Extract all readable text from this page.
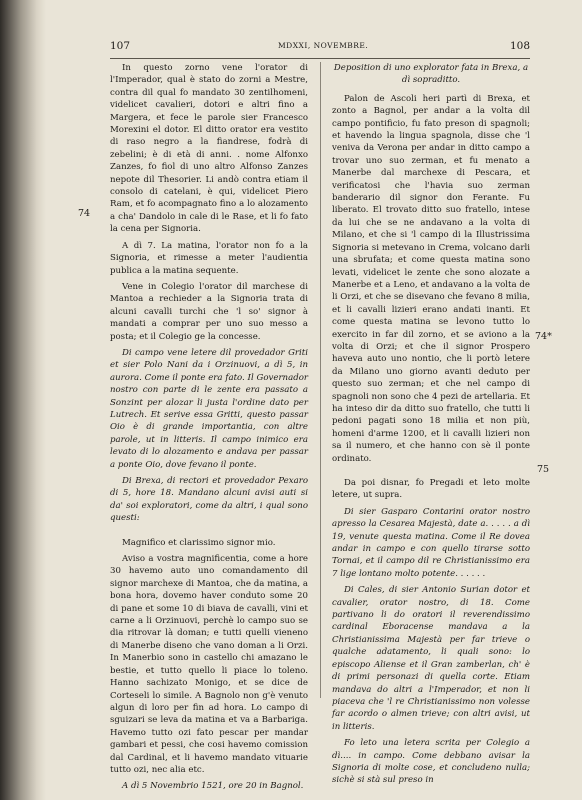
107	MDXXI, NOVEMBRE.	108
74
74*
75

In questo zorno vene l'orator di l'Imperador, qual è stato do zorni a Mestre, contra dil qual fo mandato 30 zentilhomeni, videlicet cavalieri, dotori e altri fino a Margera, et fece le parole sier Francesco Morexini el dotor. El ditto orator era vestito di raso negro a la fiandrese, fodrà di zebelini; è di età di anni. . nome Alfonxo Zanzes, fo fiol di uno altro Alfonso Zanzes nepote dil Thesorier. Li andò contra etiam il consolo di catelani, è qui, videlicet Piero Ram, et fo acompagnato fino a lo alozamento a cha' Dandolo in cale di le Rase, et li fo fato la cena per Signoria.

A dì 7. La matina, l'orator non fo a la Signoria, et rimesse a meter l'audientia publica a la matina sequente.

Vene in Colegio l'orator dil marchese di Mantoa a rechieder a la Signoria trata di alcuni cavalli turchi che 'l so' signor à mandati a comprar per uno suo messo a posta; et il Colegio ge la concesse.

Di campo vene letere dil provedador Griti et sier Polo Nani da i Orzinuovi, a dì 5, in aurora. Come il ponte era fato. Il Governador nostro con parte di le zente era passato a Sonzint per alozar li justa l'ordine dato per Lutrech. Et serive essa Gritti, questo passar Oio è di grande importantia, con altre parole, ut in litteris. Il campo inimico era levato di lo alozamento e andava per passar a ponte Oio, dove fevano il ponte.

Di Brexa, di rectori et provedador Pexaro di 5, hore 18. Mandano alcuni avisi auti si da' soi exploratori, come da altri, i qual sono questi:

Magnifico et clarissimo signor mio.

Aviso a vostra magnificentia, come a hore 30 havemo auto uno comandamento dil signor marchexe di Mantoa, che da matina, a bona hora, dovemo haver conduto some 20 di pane et some 10 di biava de cavalli, vini et carne a li Orzinuovi, perchè lo campo suo se dia ritrovar là doman; e tutti quelli vieneno di Manerbe diseno che vano doman a li Orzi. In Manerbio sono in castello chi amazano le bestie, et tutto quello li piace lo toleno. Hanno sachizato Monigo, et se dice de Corteseli lo simile. A Bagnolo non g'è venuto algun di loro per fin ad hora. Lo campo di sguizari se leva da matina et va a Barbariga. Havemo tutto ozi fato pescar per mandar gambari et pessi, che cosi havemo comission dal Cardinal, et li havemo mandato vituarie tutto ozi, nec alia etc.

A dì 5 Novembrio 1521, ore 20 in Bagnol.

Deposition di uno explorator fata in Brexa, a dì sopraditto.

Palon de Ascoli heri partì di Brexa, et zonto a Bagnol, per andar a la volta dil campo pontificio, fu fato preson di spagnoli; et havendo la lingua spagnola, disse che 'l veniva da Verona per andar in ditto campo a trovar uno suo zerman, et fu menato a Manerbe dal marchexe di Pescara, et verificatosi che l'havia suo zerman banderario dil signor don Ferante. Fu liberato. El trovato ditto suo fratello, intese da lui che se ne andavano a la volta di Milano, et che si 'l campo di la Illustrissima Signoria si metevano in Crema, volcano darli una sbrufata; et come questa matina sono levati, videlicet le zente che sono alozate a Manerbe et a Leno, et andavano a la volta de li Orzi, et che se disevano che fevano 8 milia, et li cavalli lizieri erano andati inanti. Et come questa matina se levono tutto lo exercito in far dil zorno, et se aviono a la volta di Orzi; et che il signor Prospero haveva auto uno nontio, che li portò letere da Milano uno giorno avanti deduto per questo suo zerman; et che nel campo di spagnoli non sono che 4 pezi de artellaria. Et ha inteso dir da ditto suo fratello, che tutti li pedoni pagati sono 18 milia et non più, homeni d'arme 1200, et li cavalli lizieri non sa il numero, et che hanno con sè il ponte ordinato.

Da poi disnar, fo Pregadi et leto molte letere, ut supra.

Di sier Gasparo Contarini orator nostro apresso la Cesarea Majestà, date a. . . . . a dì 19, venute questa matina. Come il Re dovea andar in campo e con quello tirarse sotto Tornai, et il campo dil re Christianissimo era 7 lige lontano molto potente. . . . . .

Di Cales, di sier Antonio Surian dotor et cavalier, orator nostro, di 18. Come partivano li do oratori il reverendissimo cardinal Eboracense mandava a la Christianissima Majestà per far trieve o qualche adatamento, li quali sono: lo episcopo Aliense et il Gran zamberlan, ch' è di primi personazi di quella corte. Etiam mandava do altri a l'Imperador, et non li piaceva che 'l re Christianissimo non volesse far acordo o almen trieve; con altri avisi, ut in litteris.

Fo leto una letera scrita per Colegio a dì.... in campo. Come debbano avisar la Signoria di molte cose, et concludeno nulla; sichè si stà sul preso in
